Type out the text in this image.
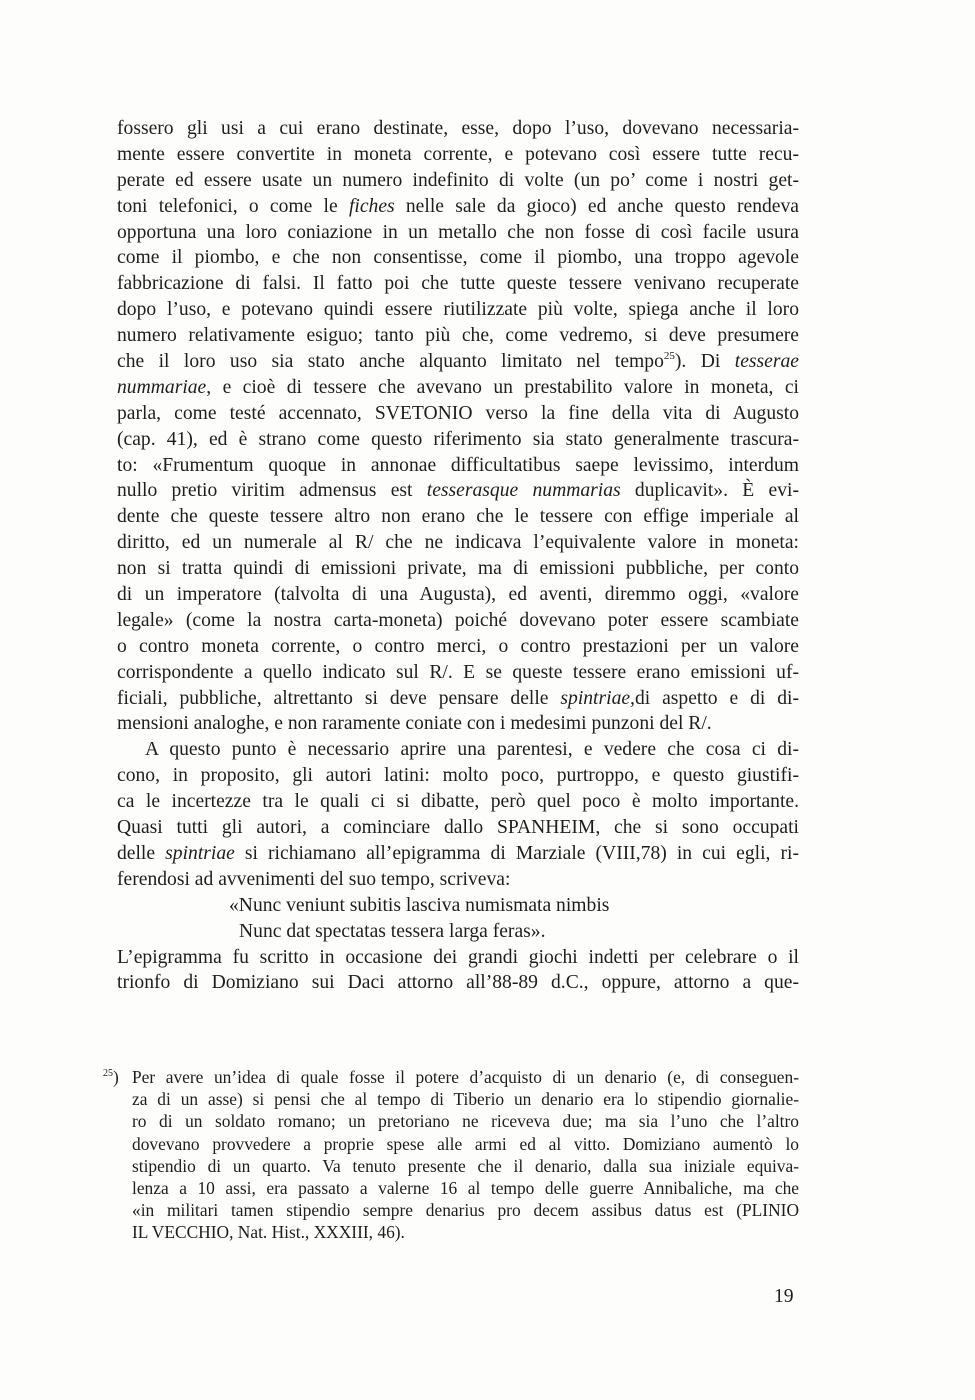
fossero gli usi a cui erano destinate, esse, dopo l’uso, dovevano necessaria-
mente essere convertite in moneta corrente, e potevano così essere tutte recu-
perate ed essere usate un numero indefinito di volte (un po’ come i nostri get-
toni telefonici, o come le fiches nelle sale da gioco) ed anche questo rendeva
opportuna una loro coniazione in un metallo che non fosse di così facile usura
come il piombo, e che non consentisse, come il piombo, una troppo agevole
fabbricazione di falsi. Il fatto poi che tutte queste tessere venivano recuperate
dopo l’uso, e potevano quindi essere riutilizzate più volte, spiega anche il loro
numero relativamente esiguo; tanto più che, come vedremo, si deve presumere
che il loro uso sia stato anche alquanto limitato nel tempo$^{25}$). Di tesserae
nummariae, e cioè di tessere che avevano un prestabilito valore in moneta, ci
parla, come testé accennato, SVETONIO verso la fine della vita di Augusto
(cap. 41), ed è strano come questo riferimento sia stato generalmente trascura-
to: «Frumentum quoque in annonae difficultatibus saepe levissimo, interdum
nullo pretio viritim admensus est tesserasque nummarias duplicavit». È evi-
dente che queste tessere altro non erano che le tessere con effige imperiale al
diritto, ed un numerale al R/ che ne indicava l’equivalente valore in moneta:
non si tratta quindi di emissioni private, ma di emissioni pubbliche, per conto
di un imperatore (talvolta di una Augusta), ed aventi, diremmo oggi, «valore
legale» (come la nostra carta-moneta) poiché dovevano poter essere scambiate
o contro moneta corrente, o contro merci, o contro prestazioni per un valore
corrispondente a quello indicato sul R/. E se queste tessere erano emissioni uf-
ficiali, pubbliche, altrettanto si deve pensare delle spintriae,di aspetto e di di-
mensioni analoghe, e non raramente coniate con i medesimi punzoni del R/.
A questo punto è necessario aprire una parentesi, e vedere che cosa ci di-
cono, in proposito, gli autori latini: molto poco, purtroppo, e questo giustifi-
ca le incertezze tra le quali ci si dibatte, però quel poco è molto importante.
Quasi tutti gli autori, a cominciare dallo SPANHEIM, che si sono occupati
delle spintriae si richiamano all’epigramma di Marziale (VIII,78) in cui egli, ri-
ferendosi ad avvenimenti del suo tempo, scriveva:
«Nunc veniunt subitis lasciva numismata nimbis
Nunc dat spectatas tessera larga feras».
L’epigramma fu scritto in occasione dei grandi giochi indetti per celebrare o il
trionfo di Domiziano sui Daci attorno all’88-89 d.C., oppure, attorno a que-
$^{25}$) Per avere un’idea di quale fosse il potere d’acquisto di un denario (e, di conseguen-
za di un asse) si pensi che al tempo di Tiberio un denario era lo stipendio giornalie-
ro di un soldato romano; un pretoriano ne riceveva due; ma sia l’uno che l’altro
dovevano provvedere a proprie spese alle armi ed al vitto. Domiziano aumentò lo
stipendio di un quarto. Va tenuto presente che il denario, dalla sua iniziale equiva-
lenza a 10 assi, era passato a valerne 16 al tempo delle guerre Annibaliche, ma che
«in militari tamen stipendio sempre denarius pro decem assibus datus est (PLINIO
IL VECCHIO, Nat. Hist., XXXIII, 46).
19
